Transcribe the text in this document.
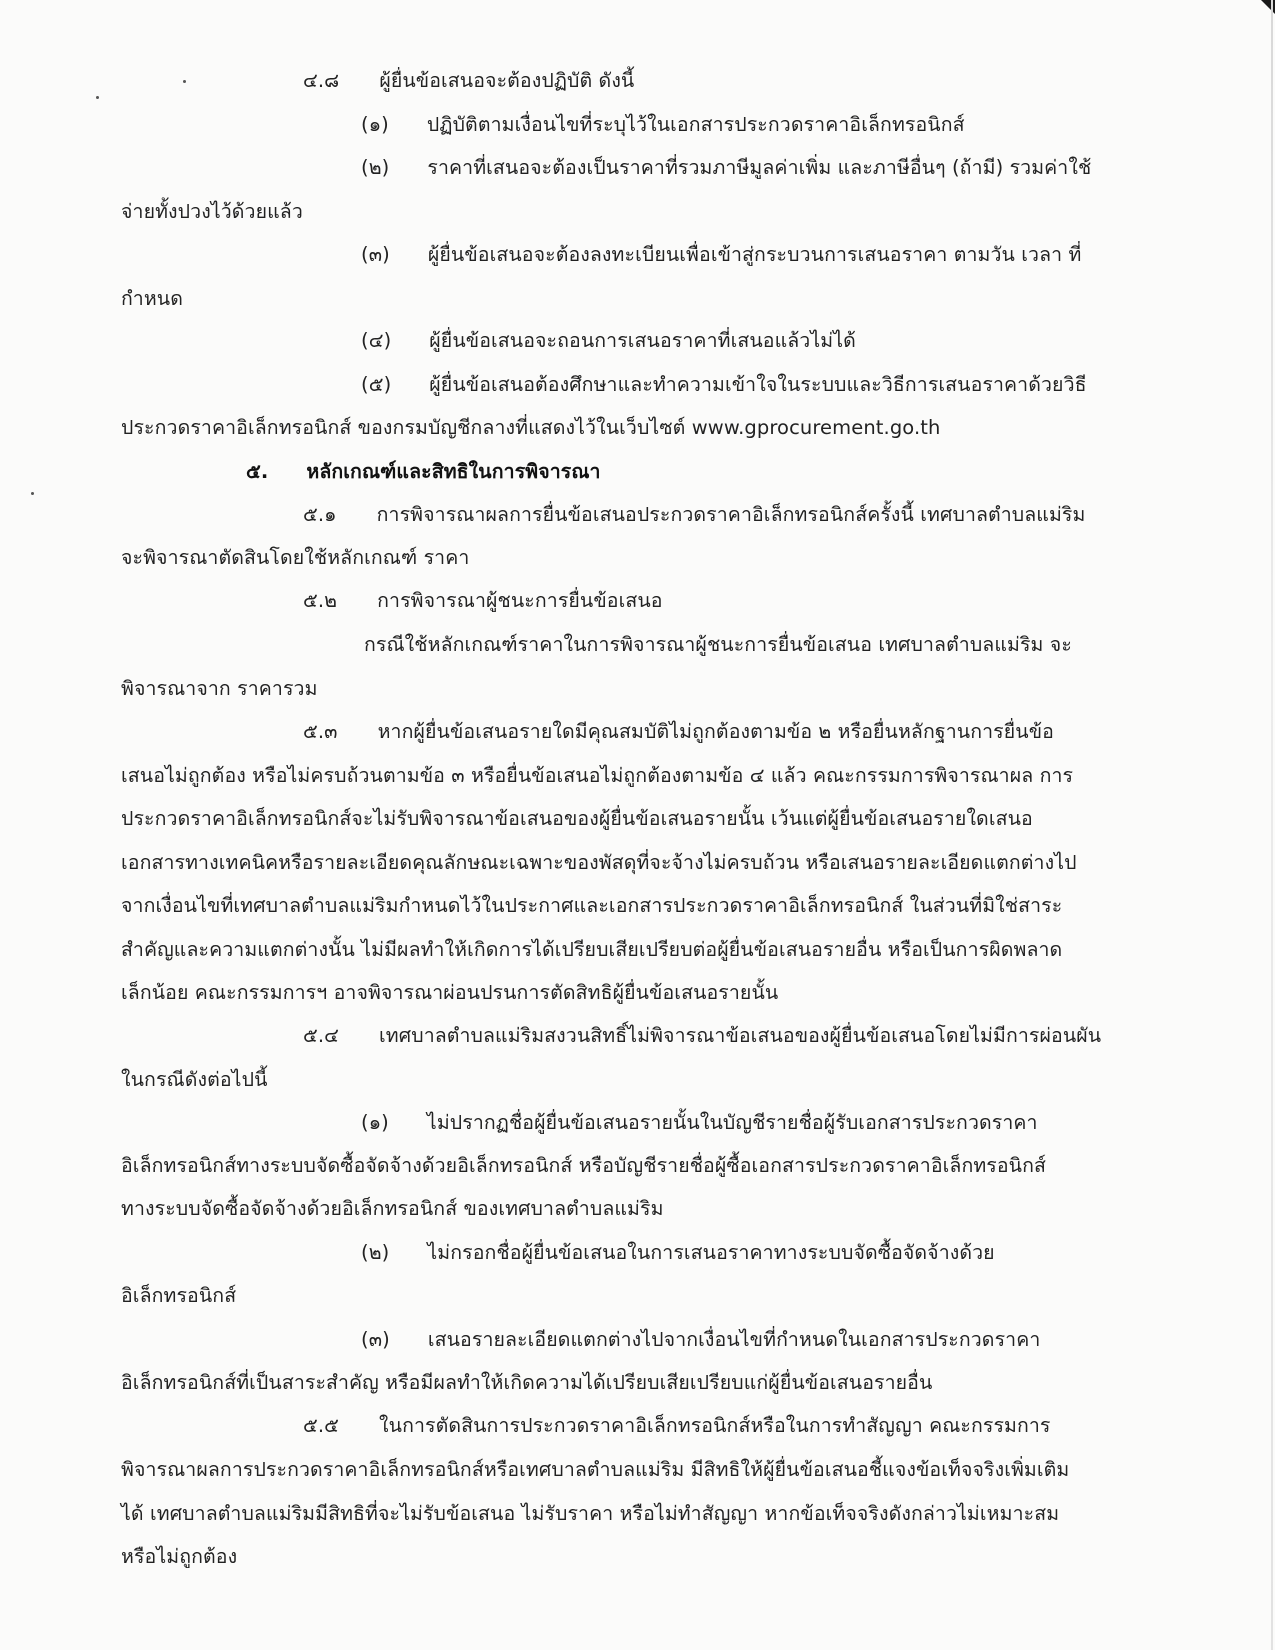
๔.๘ ผู้ยื่นข้อเสนอจะต้องปฏิบัติ ดังนี้

(๑) ปฏิบัติตามเงื่อนไขที่ระบุไว้ในเอกสารประกวดราคาอิเล็กทรอนิกส์

(๒) ราคาที่เสนอจะต้องเป็นราคาที่รวมภาษีมูลค่าเพิ่ม และภาษีอื่นๆ (ถ้ามี) รวมค่าใช้

จ่ายทั้งปวงไว้ด้วยแล้ว

(๓) ผู้ยื่นข้อเสนอจะต้องลงทะเบียนเพื่อเข้าสู่กระบวนการเสนอราคา ตามวัน เวลา ที่

กำหนด

(๔) ผู้ยื่นข้อเสนอจะถอนการเสนอราคาที่เสนอแล้วไม่ได้

(๕) ผู้ยื่นข้อเสนอต้องศึกษาและทำความเข้าใจในระบบและวิธีการเสนอราคาด้วยวิธี

ประกวดราคาอิเล็กทรอนิกส์ ของกรมบัญชีกลางที่แสดงไว้ในเว็บไซต์ www.gprocurement.go.th

๕. หลักเกณฑ์และสิทธิในการพิจารณา

๕.๑ การพิจารณาผลการยื่นข้อเสนอประกวดราคาอิเล็กทรอนิกส์ครั้งนี้ เทศบาลตำบลแม่ริม

จะพิจารณาตัดสินโดยใช้หลักเกณฑ์ ราคา

๕.๒ การพิจารณาผู้ชนะการยื่นข้อเสนอ

กรณีใช้หลักเกณฑ์ราคาในการพิจารณาผู้ชนะการยื่นข้อเสนอ เทศบาลตำบลแม่ริม จะ

พิจารณาจาก ราคารวม

๕.๓ หากผู้ยื่นข้อเสนอรายใดมีคุณสมบัติไม่ถูกต้องตามข้อ ๒ หรือยื่นหลักฐานการยื่นข้อ

เสนอไม่ถูกต้อง หรือไม่ครบถ้วนตามข้อ ๓ หรือยื่นข้อเสนอไม่ถูกต้องตามข้อ ๔ แล้ว คณะกรรมการพิจารณาผล การ

ประกวดราคาอิเล็กทรอนิกส์จะไม่รับพิจารณาข้อเสนอของผู้ยื่นข้อเสนอรายนั้น เว้นแต่ผู้ยื่นข้อเสนอรายใดเสนอ

เอกสารทางเทคนิคหรือรายละเอียดคุณลักษณะเฉพาะของพัสดุที่จะจ้างไม่ครบถ้วน หรือเสนอรายละเอียดแตกต่างไป

จากเงื่อนไขที่เทศบาลตำบลแม่ริมกำหนดไว้ในประกาศและเอกสารประกวดราคาอิเล็กทรอนิกส์ ในส่วนที่มิใช่สาระ

สำคัญและความแตกต่างนั้น ไม่มีผลทำให้เกิดการได้เปรียบเสียเปรียบต่อผู้ยื่นข้อเสนอรายอื่น หรือเป็นการผิดพลาด

เล็กน้อย คณะกรรมการฯ อาจพิจารณาผ่อนปรนการตัดสิทธิผู้ยื่นข้อเสนอรายนั้น

๕.๔ เทศบาลตำบลแม่ริมสงวนสิทธิ์ไม่พิจารณาข้อเสนอของผู้ยื่นข้อเสนอโดยไม่มีการผ่อนผัน

ในกรณีดังต่อไปนี้

(๑) ไม่ปรากฏชื่อผู้ยื่นข้อเสนอรายนั้นในบัญชีรายชื่อผู้รับเอกสารประกวดราคา

อิเล็กทรอนิกส์ทางระบบจัดซื้อจัดจ้างด้วยอิเล็กทรอนิกส์ หรือบัญชีรายชื่อผู้ซื้อเอกสารประกวดราคาอิเล็กทรอนิกส์

ทางระบบจัดซื้อจัดจ้างด้วยอิเล็กทรอนิกส์ ของเทศบาลตำบลแม่ริม

(๒) ไม่กรอกชื่อผู้ยื่นข้อเสนอในการเสนอราคาทางระบบจัดซื้อจัดจ้างด้วย

อิเล็กทรอนิกส์

(๓) เสนอรายละเอียดแตกต่างไปจากเงื่อนไขที่กำหนดในเอกสารประกวดราคา

อิเล็กทรอนิกส์ที่เป็นสาระสำคัญ หรือมีผลทำให้เกิดความได้เปรียบเสียเปรียบแก่ผู้ยื่นข้อเสนอรายอื่น

๕.๕ ในการตัดสินการประกวดราคาอิเล็กทรอนิกส์หรือในการทำสัญญา คณะกรรมการ

พิจารณาผลการประกวดราคาอิเล็กทรอนิกส์หรือเทศบาลตำบลแม่ริม มีสิทธิให้ผู้ยื่นข้อเสนอชี้แจงข้อเท็จจริงเพิ่มเติม

ได้ เทศบาลตำบลแม่ริมมีสิทธิที่จะไม่รับข้อเสนอ ไม่รับราคา หรือไม่ทำสัญญา หากข้อเท็จจริงดังกล่าวไม่เหมาะสม

หรือไม่ถูกต้อง
